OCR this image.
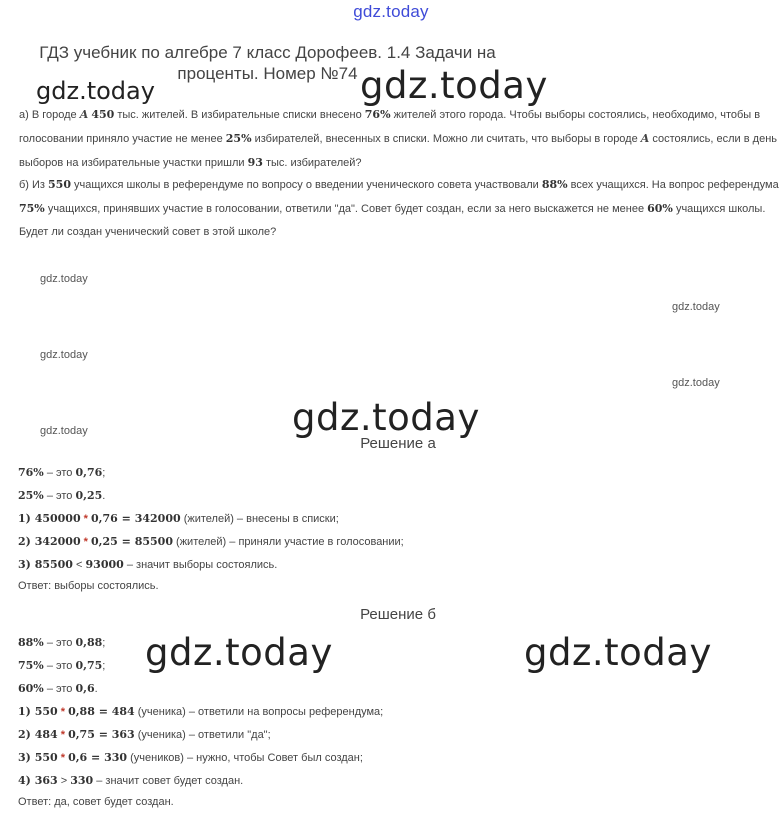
gdz.today
ГДЗ учебник по алгебре 7 класс Дорофеев. 1.4 Задачи на проценты. Номер №74
gdz.today	gdz.today
а) В городе A 450 тыс. жителей. В избирательные списки внесено 76% жителей этого города. Чтобы выборы состоялись, необходимо, чтобы в голосовании приняло участие не менее 25% избирателей, внесенных в списки. Можно ли считать, что выборы в городе A состоялись, если в день выборов на избирательные участки пришли 93 тыс. избирателей?
б) Из 550 учащихся школы в референдуме по вопросу о введении ученического совета участвовали 88% всех учащихся. На вопрос референдума 75% учащихся, принявших участие в голосовании, ответили "да". Совет будет создан, если за него выскажется не менее 60% учащихся школы. Будет ли создан ученический совет в этой школе?
gdz.today
gdz.today
gdz.today
gdz.today
gdz.today	gdz.today
Решение а
76% – это 0,76;
25% – это 0,25.
1) 450000 * 0,76 = 342000 (жителей) – внесены в списки;
2) 342000 * 0,25 = 85500 (жителей) – приняли участие в голосовании;
3) 85500 < 93000 – значит выборы состоялись.
Ответ: выборы состоялись.
Решение б
gdz.today	gdz.today
88% – это 0,88;
75% – это 0,75;
60% – это 0,6.
1) 550 * 0,88 = 484 (ученика) – ответили на вопросы референдума;
2) 484 * 0,75 = 363 (ученика) – ответили "да";
3) 550 * 0,6 = 330 (учеников) – нужно, чтобы Совет был создан;
4) 363 > 330 – значит совет будет создан.
Ответ: да, совет будет создан.
